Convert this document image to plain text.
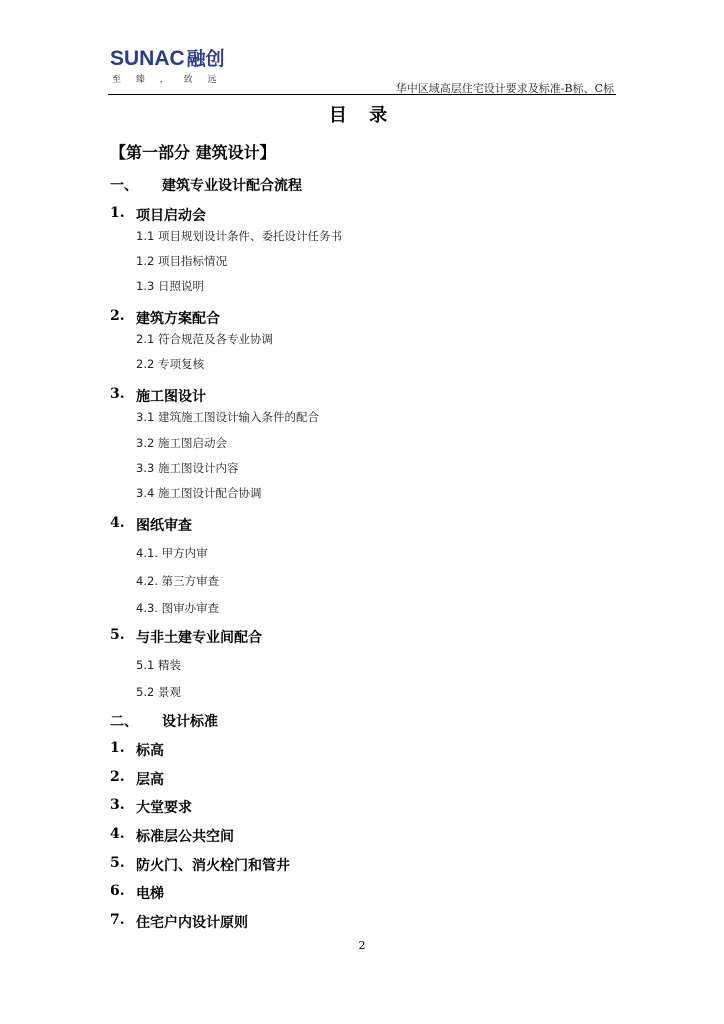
SUNAC 融创
至 臻 ， 致 远
华中区域高层住宅设计要求及标准-B标、C标
目 录
【第一部分 建筑设计】
一、 建筑专业设计配合流程
1. 项目启动会
1.1 项目规划设计条件、委托设计任务书
1.2 项目指标情况
1.3 日照说明
2. 建筑方案配合
2.1 符合规范及各专业协调
2.2 专项复核
3. 施工图设计
3.1 建筑施工图设计输入条件的配合
3.2 施工图启动会
3.3 施工图设计内容
3.4 施工图设计配合协调
4. 图纸审查
4.1. 甲方内审
4.2. 第三方审查
4.3. 图审办审查
5. 与非土建专业间配合
5.1 精装
5.2 景观
二、 设计标准
1. 标高
2. 层高
3. 大堂要求
4. 标准层公共空间
5. 防火门、消火栓门和管井
6. 电梯
7. 住宅户内设计原则
2
